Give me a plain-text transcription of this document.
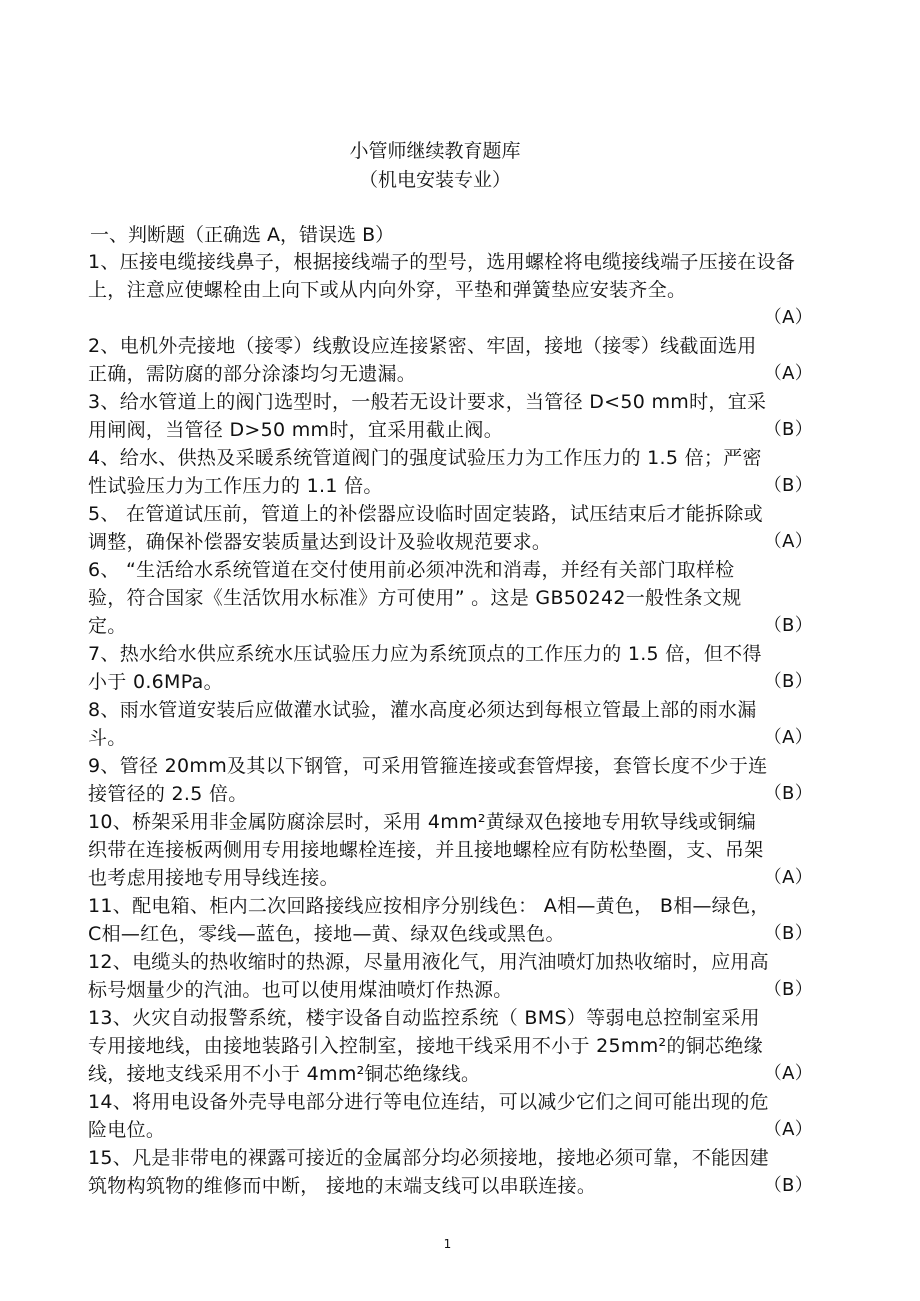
小管师继续教育题库
（机电安装专业）
一、判断题（正确选 A，错误选 B）
1、压接电缆接线鼻子，根据接线端子的型号，选用螺栓将电缆接线端子压接在设备上，注意应使螺栓由上向下或从内向外穿，平垫和弹簧垫应安装齐全。
（A）
2、电机外壳接地（接零）线敷设应连接紧密、牢固，接地（接零）线截面选用正确，需防腐的部分涂漆均匀无遗漏。	（A）
3、给水管道上的阀门选型时，一般若无设计要求，当管径 D<50 mm时，宜采用闸阀，当管径 D>50 mm时，宜采用截止阀。	（B）
4、给水、供热及采暖系统管道阀门的强度试验压力为工作压力的 1.5 倍；严密性试验压力为工作压力的 1.1 倍。	（B）
5、 在管道试压前，管道上的补偿器应设临时固定装路，试压结束后才能拆除或调整，确保补偿器安装质量达到设计及验收规范要求。	（A）
6、 “生活给水系统管道在交付使用前必须冲洗和消毒，并经有关部门取样检验，符合国家《生活饮用水标准》方可使用” 。这是 GB50242一般性条文规定。	（B）
7、热水给水供应系统水压试验压力应为系统顶点的工作压力的 1.5 倍，但不得小于 0.6MPa。	（B）
8、雨水管道安装后应做灌水试验，灌水高度必须达到每根立管最上部的雨水漏斗。	（A）
9、管径 20mm及其以下钢管，可采用管箍连接或套管焊接，套管长度不少于连接管径的 2.5 倍。	（B）
10、桥架采用非金属防腐涂层时，采用 4mm²黄绿双色接地专用软导线或铜编织带在连接板两侧用专用接地螺栓连接，并且接地螺栓应有防松垫圈，支、吊架也考虑用接地专用导线连接。	（A）
11、配电箱、柜内二次回路接线应按相序分别线色： A相—黄色， B相—绿色，C相—红色，零线—蓝色，接地—黄、绿双色线或黑色。	（B）
12、电缆头的热收缩时的热源，尽量用液化气，用汽油喷灯加热收缩时，应用高标号烟量少的汽油。也可以使用煤油喷灯作热源。	（B）
13、火灾自动报警系统，楼宇设备自动监控系统（ BMS）等弱电总控制室采用专用接地线，由接地装路引入控制室，接地干线采用不小于 25mm²的铜芯绝缘线，接地支线采用不小于 4mm²铜芯绝缘线。	（A）
14、将用电设备外壳导电部分进行等电位连结，可以减少它们之间可能出现的危险电位。	（A）
15、凡是非带电的裸露可接近的金属部分均必须接地，接地必须可靠，不能因建筑物构筑物的维修而中断， 接地的末端支线可以串联连接。	（B）
1
